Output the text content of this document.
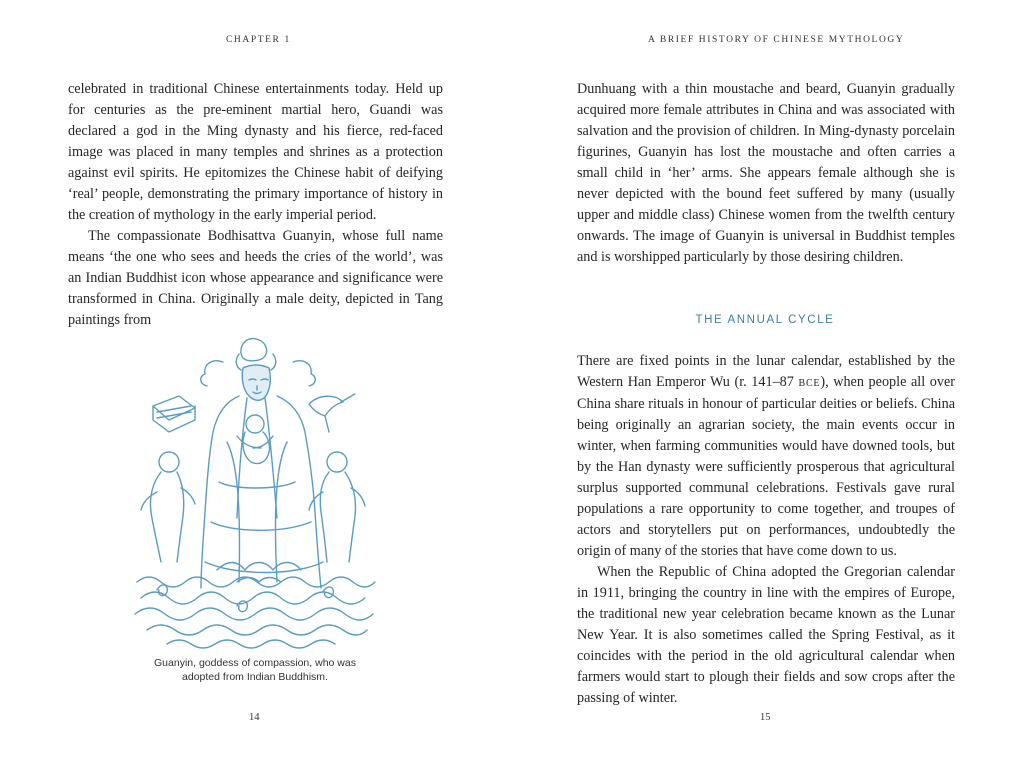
CHAPTER 1

celebrated in traditional Chinese entertainments today. Held up for centuries as the pre-eminent martial hero, Guandi was declared a god in the Ming dynasty and his fierce, red-faced image was placed in many temples and shrines as a protection against evil spirits. He epitomizes the Chinese habit of deifying ‘real’ people, demonstrating the primary importance of history in the creation of mythology in the early imperial period.

The compassionate Bodhisattva Guanyin, whose full name means ‘the one who sees and heeds the cries of the world’, was an Indian Buddhist icon whose appearance and significance were transformed in China. Originally a male deity, depicted in Tang paintings from

Guanyin, goddess of compassion, who was
adopted from Indian Buddhism.
14
A BRIEF HISTORY OF CHINESE MYTHOLOGY

Dunhuang with a thin moustache and beard, Guanyin gradually acquired more female attributes in China and was associated with salvation and the provision of children. In Ming-dynasty porcelain figurines, Guanyin has lost the moustache and often carries a small child in ‘her’ arms. She appears female although she is never depicted with the bound feet suffered by many (usually upper and middle class) Chinese women from the twelfth century onwards. The image of Guanyin is universal in Buddhist temples and is worshipped particularly by those desiring children.

THE ANNUAL CYCLE

There are fixed points in the lunar calendar, established by the Western Han Emperor Wu (r. 141–87 BCE), when people all over China share rituals in honour of particular deities or beliefs. China being originally an agrarian society, the main events occur in winter, when farming communities would have downed tools, but by the Han dynasty were sufficiently prosperous that agricultural surplus supported communal celebrations. Festivals gave rural populations a rare opportunity to come together, and troupes of actors and storytellers put on performances, undoubtedly the origin of many of the stories that have come down to us.

When the Republic of China adopted the Gregorian calendar in 1911, bringing the country in line with the empires of Europe, the traditional new year celebration became known as the Lunar New Year. It is also sometimes called the Spring Festival, as it coincides with the period in the old agricultural calendar when farmers would start to plough their fields and sow crops after the passing of winter.

15
